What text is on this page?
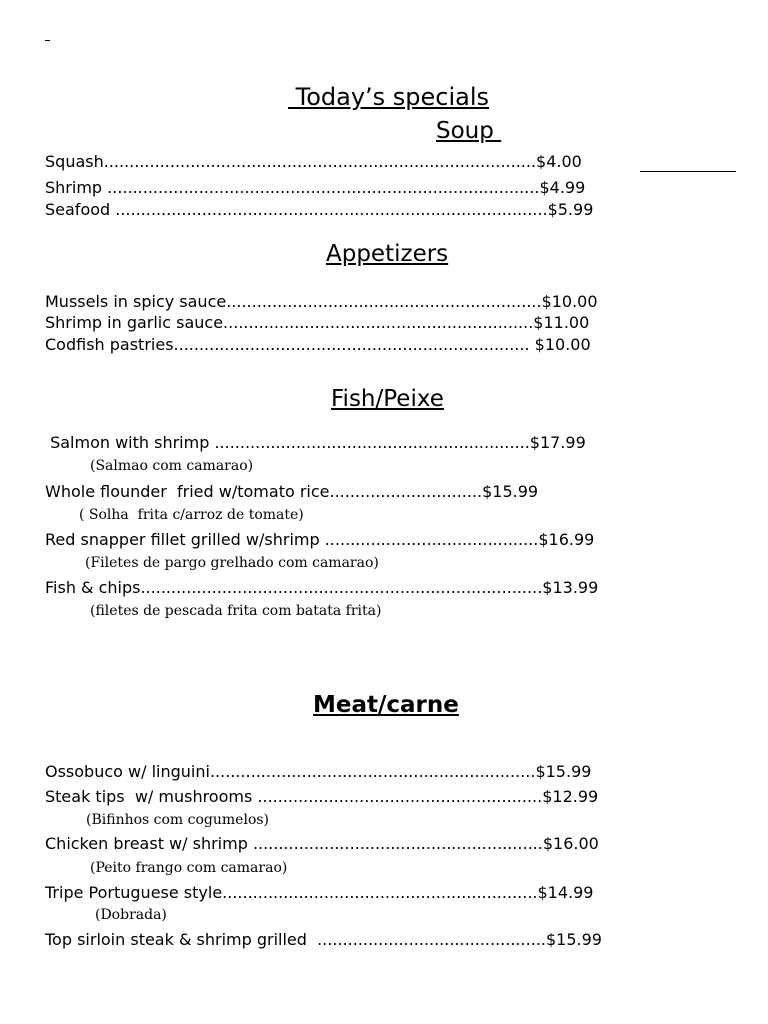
Today’s specials
Soup
Squash.....................................................................................$4.00
Shrimp .....................................................................................$4.99
Seafood .....................................................................................$5.99
Appetizers
Mussels in spicy sauce..............................................................$10.00
Shrimp in garlic sauce.............................................................$11.00
Codfish pastries...................................................................... $10.00
Fish/Peixe
Salmon with shrimp ..............................................................$17.99
(Salmao com camarao)
Whole flounder  fried w/tomato rice..............................$15.99
( Solha  frita c/arroz de tomate)
Red snapper fillet grilled w/shrimp ..........................................$16.99
(Filetes de pargo grelhado com camarao)
Fish & chips...............................................................................$13.99
(filetes de pescada frita com batata frita)
Meat/carne
Ossobuco w/ linguini................................................................$15.99
Steak tips  w/ mushrooms ........................................................$12.99
(Bifinhos com cogumelos)
Chicken breast w/ shrimp .........................................................$16.00
(Peito frango com camarao)
Tripe Portuguese style..............................................................$14.99
(Dobrada)
Top sirloin steak & shrimp grilled  .............................................$15.99
